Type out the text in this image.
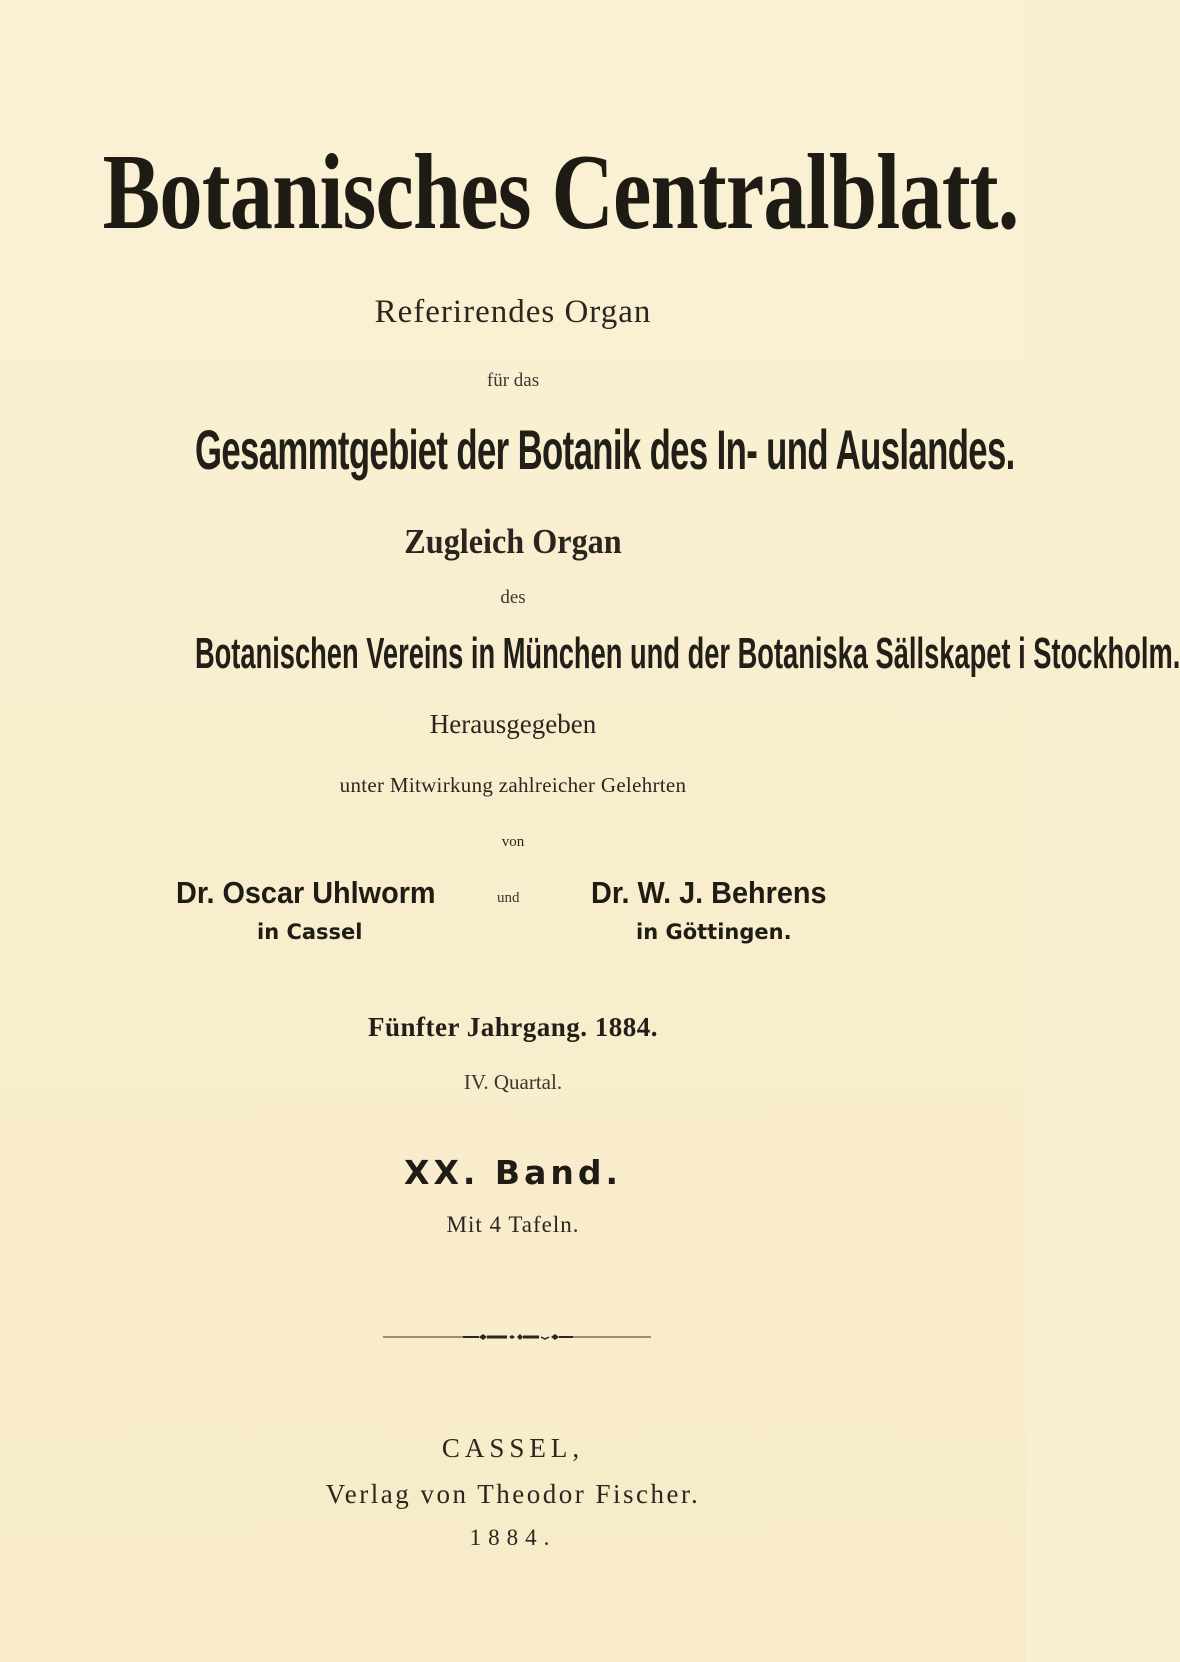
Botanisches Centralblatt.
Referirendes Organ
für das
Gesammtgebiet der Botanik des In- und Auslandes.
Zugleich Organ
des
Botanischen Vereins in München und der Botaniska Sällskapet i Stockholm.
Herausgegeben
unter Mitwirkung zahlreicher Gelehrten
von
Dr. Oscar Uhlworm	und Dr. W. J. Behrens
in Cassel	in Göttingen.
Fünfter Jahrgang. 1884.
IV. Quartal.
XX. Band.
Mit 4 Tafeln.
CASSEL,
Verlag von Theodor Fischer.
1884.
